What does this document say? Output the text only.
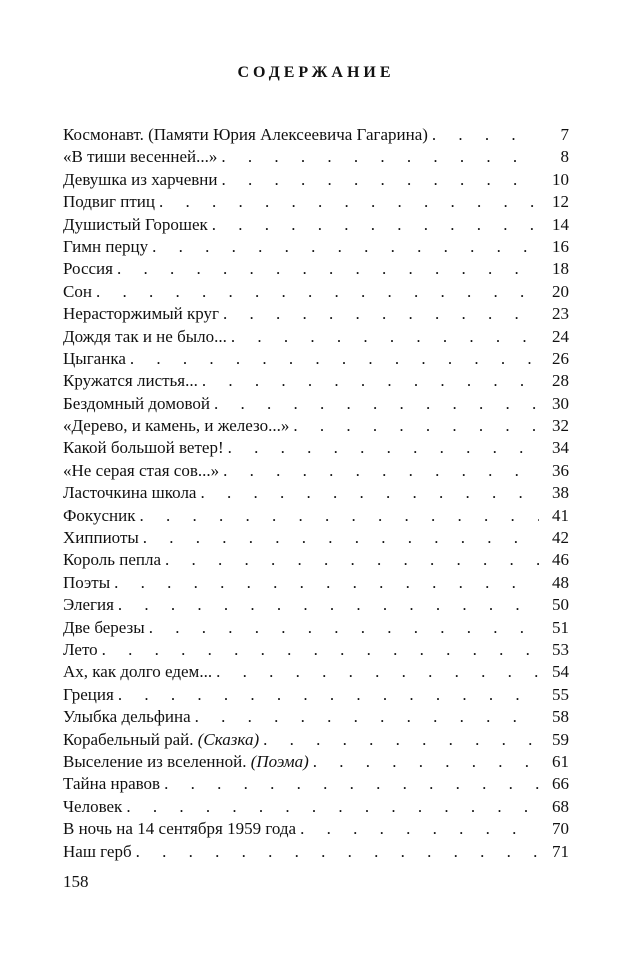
СОДЕРЖАНИЕ
Космонавт. (Памяти Юрия Алексеевича Гагарина) . . .	7
«В тиши весенней...» . . .	8
Девушка из харчевни . . .	10
Подвиг птиц . . .	12
Душистый Горошек . . .	14
Гимн перцу . . .	16
Россия . . .	18
Сон . . .	20
Нерасторжимый круг . . .	23
Дождя так и не было... . . .	24
Цыганка . . .	26
Кружатся листья... . . .	28
Бездомный домовой . . .	30
«Дерево, и камень, и железо...» . . .	32
Какой большой ветер! . . .	34
«Не серая стая сов...» . . .	36
Ласточкина школа . . .	38
Фокусник . . .	41
Хиппиоты . . .	42
Король пепла . . .	46
Поэты . . .	48
Элегия . . .	50
Две березы . . .	51
Лето . . .	53
Ах, как долго едем... . . .	54
Греция . . .	55
Улыбка дельфина . . .	58
Корабельный рай. (Сказка) . . .	59
Выселение из вселенной. (Поэма) . . .	61
Тайна нравов . . .	66
Человек . . .	68
В ночь на 14 сентября 1959 года . . .	70
Наш герб . . .	71
158
